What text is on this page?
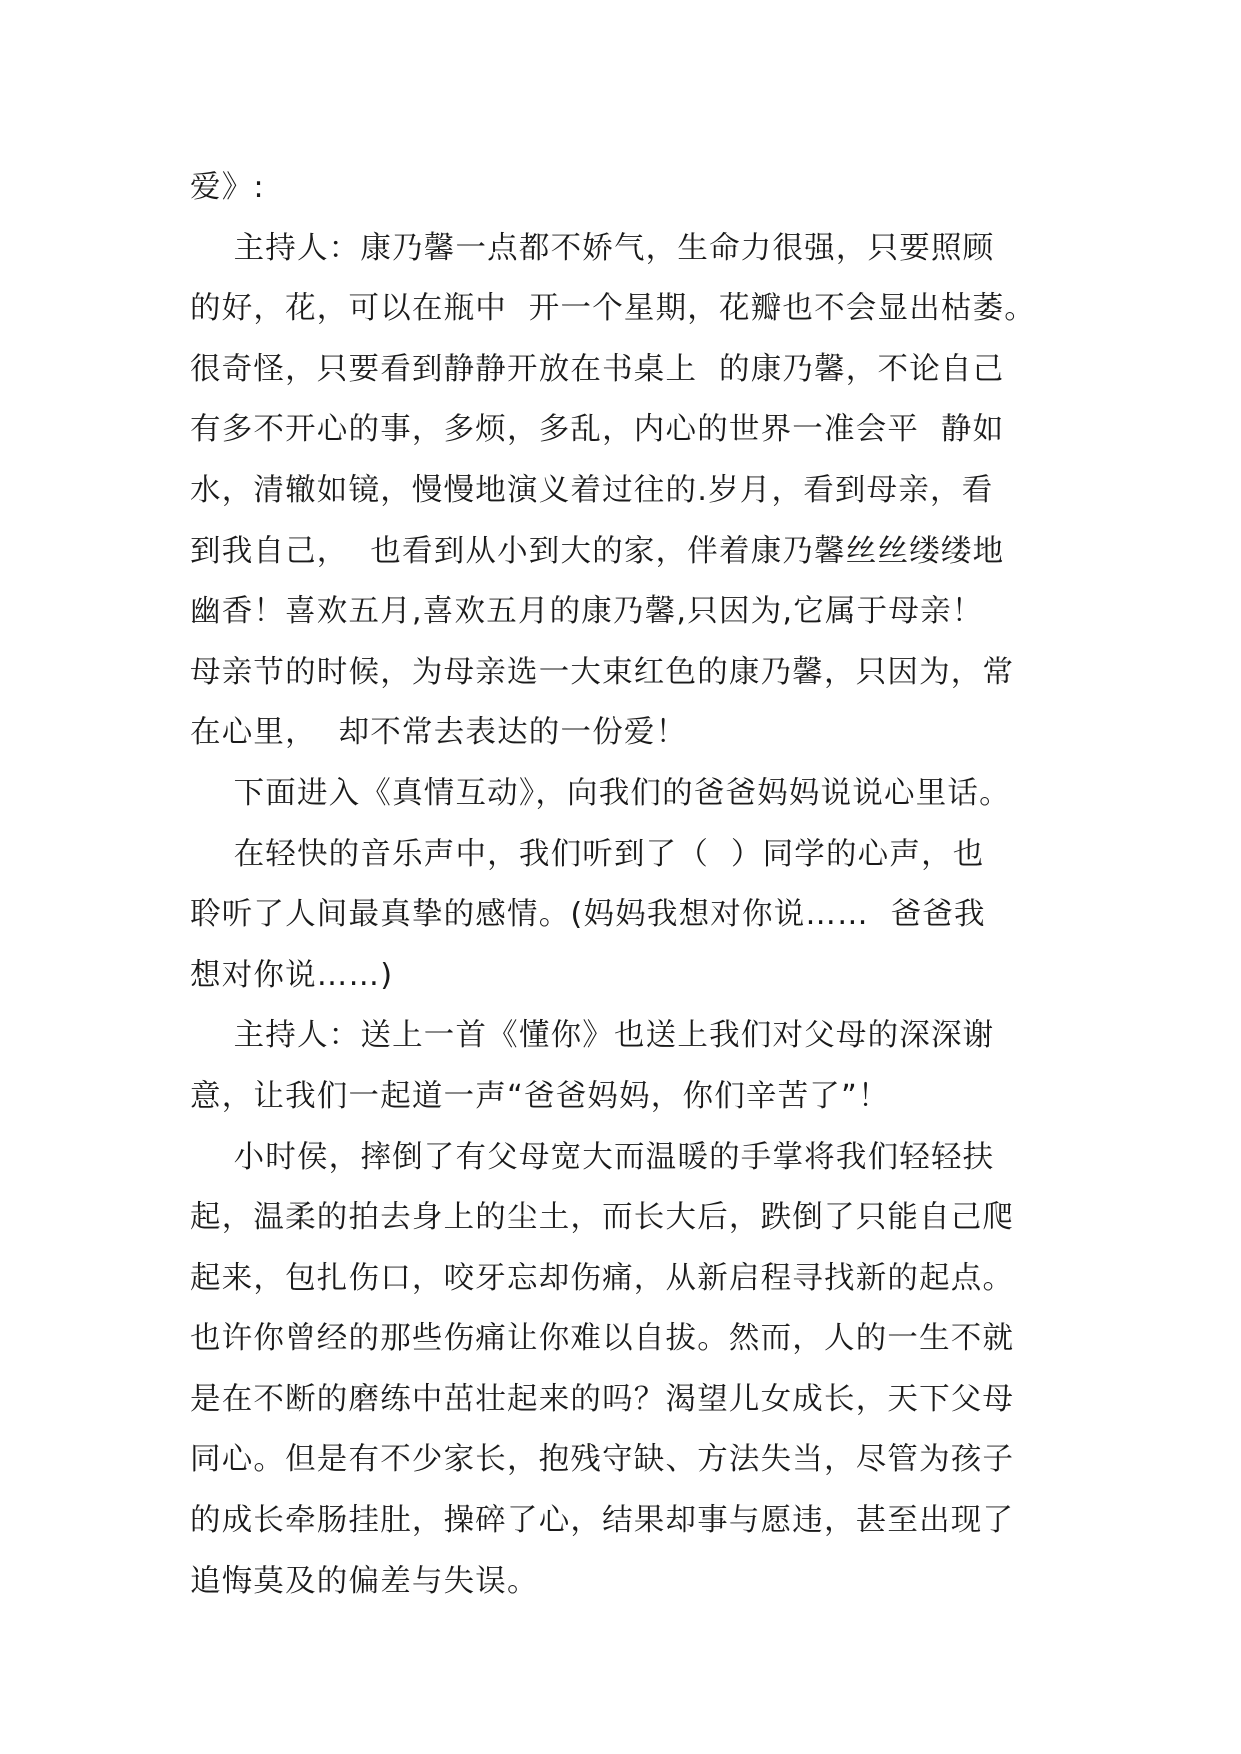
爱》:
主持人：康乃馨一点都不娇气，生命力很强，只要照顾
的好，花，可以在瓶中  开一个星期，花瓣也不会显出枯萎。
很奇怪，只要看到静静开放在书桌上  的康乃馨，不论自己
有多不开心的事，多烦，多乱，内心的世界一准会平  静如
水，清辙如镜，慢慢地演义着过往的.岁月，看到母亲，看
到我自己，  也看到从小到大的家，伴着康乃馨丝丝缕缕地
幽香！喜欢五月,喜欢五月的康乃馨,只因为,它属于母亲！
母亲节的时候，为母亲选一大束红色的康乃馨，只因为，常
在心里，  却不常去表达的一份爱！
下面进入《真情互动》，向我们的爸爸妈妈说说心里话。
在轻快的音乐声中，我们听到了（  ）同学的心声，也
聆听了人间最真挚的感情。(妈妈我想对你说……  爸爸我
想对你说……)
主持人：送上一首《懂你》也送上我们对父母的深深谢
意，让我们一起道一声“爸爸妈妈，你们辛苦了”！
小时侯，摔倒了有父母宽大而温暖的手掌将我们轻轻扶
起，温柔的拍去身上的尘土，而长大后，跌倒了只能自己爬
起来，包扎伤口，咬牙忘却伤痛，从新启程寻找新的起点。
也许你曾经的那些伤痛让你难以自拔。然而，人的一生不就
是在不断的磨练中茁壮起来的吗？渴望儿女成长，天下父母
同心。但是有不少家长，抱残守缺、方法失当，尽管为孩子
的成长牵肠挂肚，操碎了心，结果却事与愿违，甚至出现了
追悔莫及的偏差与失误。
